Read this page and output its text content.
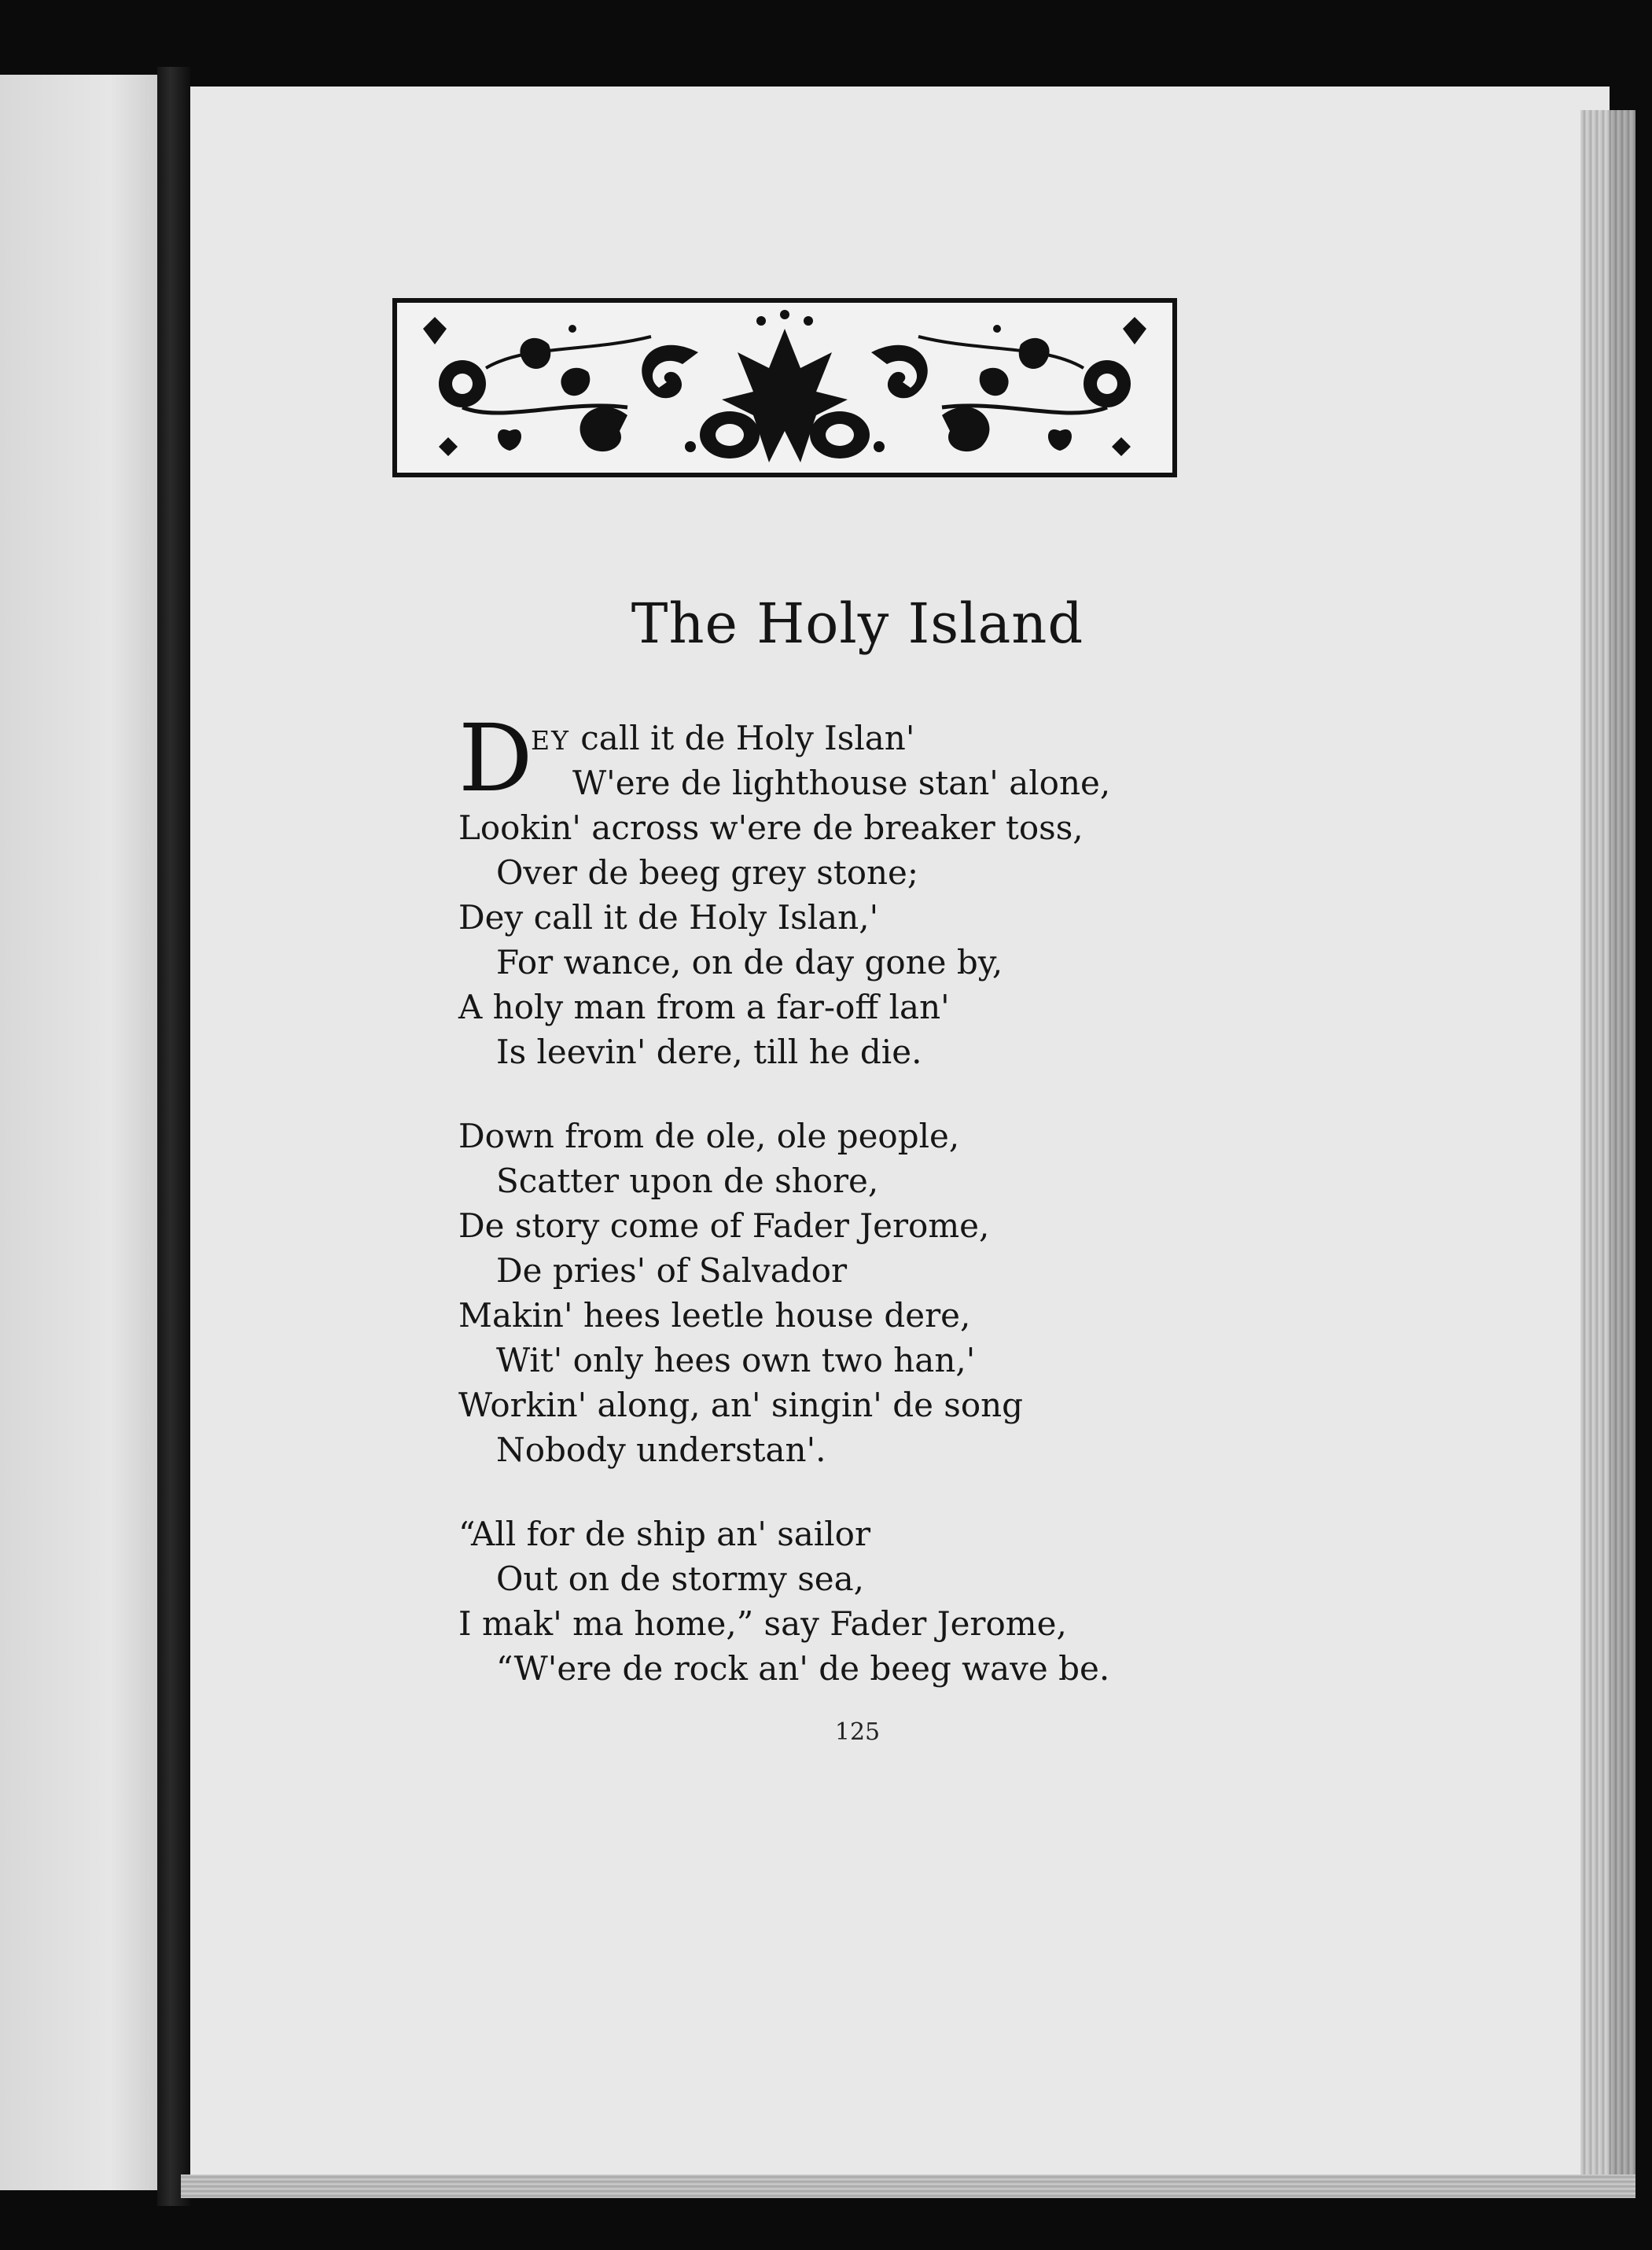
The Holy Island
D
EY call it de Holy Islan'
W'ere de lighthouse stan' alone,
Lookin' across w'ere de breaker toss,
Over de beeg grey stone;
Dey call it de Holy Islan,'
For wance, on de day gone by,
A holy man from a far-off lan'
Is leevin' dere, till he die.
Down from de ole, ole people,
Scatter upon de shore,
De story come of Fader Jerome,
De pries' of Salvador
Makin' hees leetle house dere,
Wit' only hees own two han,'
Workin' along, an' singin' de song
Nobody understan'.
“All for de ship an' sailor
Out on de stormy sea,
I mak' ma home,” say Fader Jerome,
“W'ere de rock an' de beeg wave be.
125
